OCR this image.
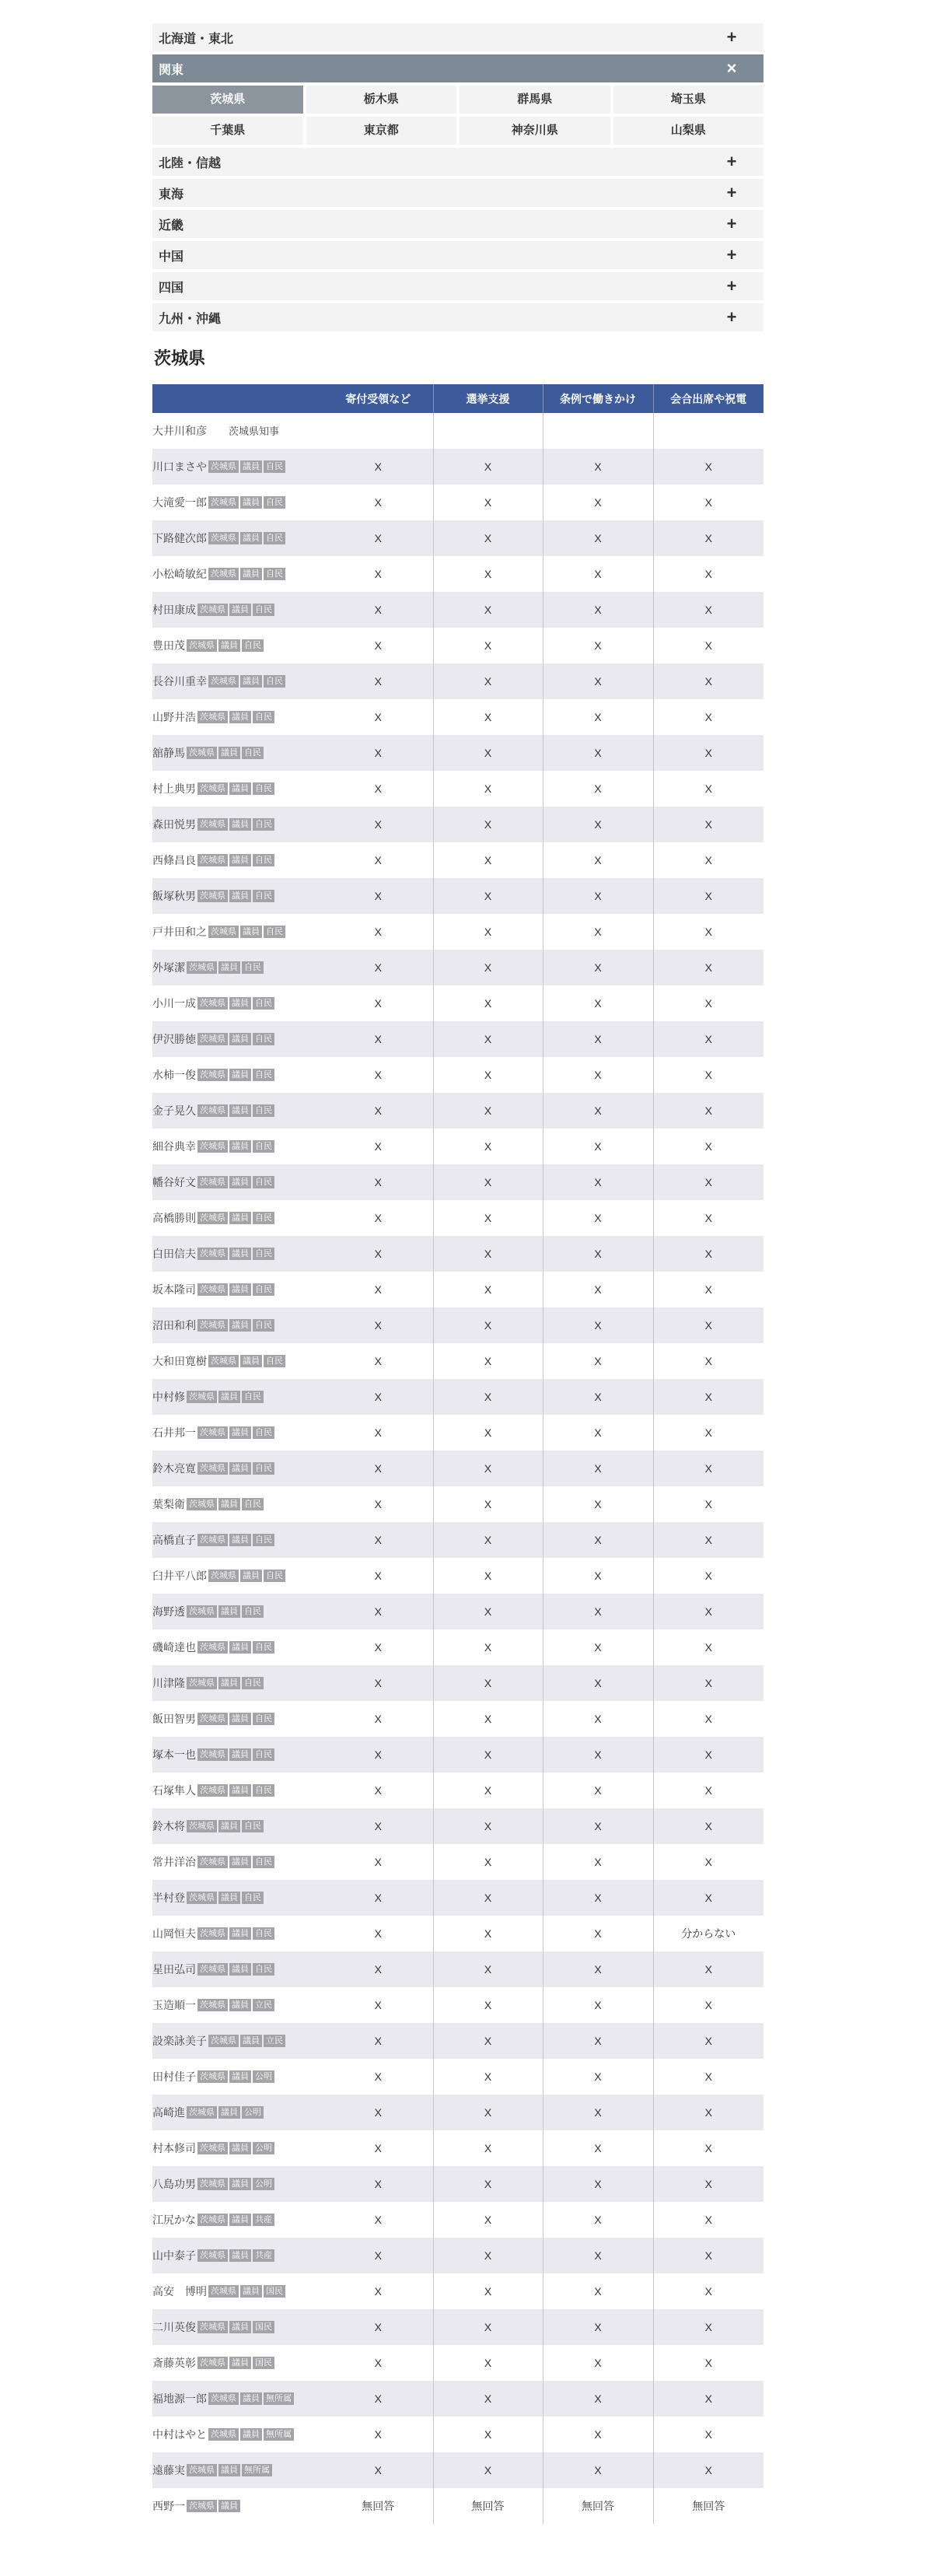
北海道・東北	+
関東	×
茨城県	栃木県	群馬県	埼玉県
千葉県	東京都	神奈川県	山梨県
北陸・信越	+
東海	+
近畿	+
中国	+
四国	+
九州・沖縄	+
茨城県
	寄付受領など	選挙支援	条例で働きかけ	会合出席や祝電
大井川和彦 茨城県知事				
川口まさや 茨城県 議員 自民	X	X	X	X
大滝愛一郎 茨城県 議員 自民	X	X	X	X
下路健次郎 茨城県 議員 自民	X	X	X	X
小松崎敏紀 茨城県 議員 自民	X	X	X	X
村田康成 茨城県 議員 自民	X	X	X	X
豊田茂 茨城県 議員 自民	X	X	X	X
長谷川重幸 茨城県 議員 自民	X	X	X	X
山野井浩 茨城県 議員 自民	X	X	X	X
舘静馬 茨城県 議員 自民	X	X	X	X
村上典男 茨城県 議員 自民	X	X	X	X
森田悦男 茨城県 議員 自民	X	X	X	X
西條昌良 茨城県 議員 自民	X	X	X	X
飯塚秋男 茨城県 議員 自民	X	X	X	X
戸井田和之 茨城県 議員 自民	X	X	X	X
外塚潔 茨城県 議員 自民	X	X	X	X
小川一成 茨城県 議員 自民	X	X	X	X
伊沢勝徳 茨城県 議員 自民	X	X	X	X
水柿一俊 茨城県 議員 自民	X	X	X	X
金子晃久 茨城県 議員 自民	X	X	X	X
細谷典幸 茨城県 議員 自民	X	X	X	X
幡谷好文 茨城県 議員 自民	X	X	X	X
高橋勝則 茨城県 議員 自民	X	X	X	X
白田信夫 茨城県 議員 自民	X	X	X	X
坂本隆司 茨城県 議員 自民	X	X	X	X
沼田和利 茨城県 議員 自民	X	X	X	X
大和田寛樹 茨城県 議員 自民	X	X	X	X
中村修 茨城県 議員 自民	X	X	X	X
石井邦一 茨城県 議員 自民	X	X	X	X
鈴木亮寛 茨城県 議員 自民	X	X	X	X
葉梨衛 茨城県 議員 自民	X	X	X	X
高橋直子 茨城県 議員 自民	X	X	X	X
臼井平八郎 茨城県 議員 自民	X	X	X	X
海野透 茨城県 議員 自民	X	X	X	X
磯崎達也 茨城県 議員 自民	X	X	X	X
川津隆 茨城県 議員 自民	X	X	X	X
飯田智男 茨城県 議員 自民	X	X	X	X
塚本一也 茨城県 議員 自民	X	X	X	X
石塚隼人 茨城県 議員 自民	X	X	X	X
鈴木将 茨城県 議員 自民	X	X	X	X
常井洋治 茨城県 議員 自民	X	X	X	X
半村登 茨城県 議員 自民	X	X	X	X
山岡恒夫 茨城県 議員 自民	X	X	X	分からない
星田弘司 茨城県 議員 自民	X	X	X	X
玉造順一 茨城県 議員 立民	X	X	X	X
設楽詠美子 茨城県 議員 立民	X	X	X	X
田村佳子 茨城県 議員 公明	X	X	X	X
高崎進 茨城県 議員 公明	X	X	X	X
村本修司 茨城県 議員 公明	X	X	X	X
八島功男 茨城県 議員 公明	X	X	X	X
江尻かな 茨城県 議員 共産	X	X	X	X
山中泰子 茨城県 議員 共産	X	X	X	X
高安　博明 茨城県 議員 国民	X	X	X	X
二川英俊 茨城県 議員 国民	X	X	X	X
斎藤英彰 茨城県 議員 国民	X	X	X	X
福地源一郎 茨城県 議員 無所属	X	X	X	X
中村はやと 茨城県 議員 無所属	X	X	X	X
遠藤実 茨城県 議員 無所属	X	X	X	X
西野一 茨城県 議員	無回答	無回答	無回答	無回答
